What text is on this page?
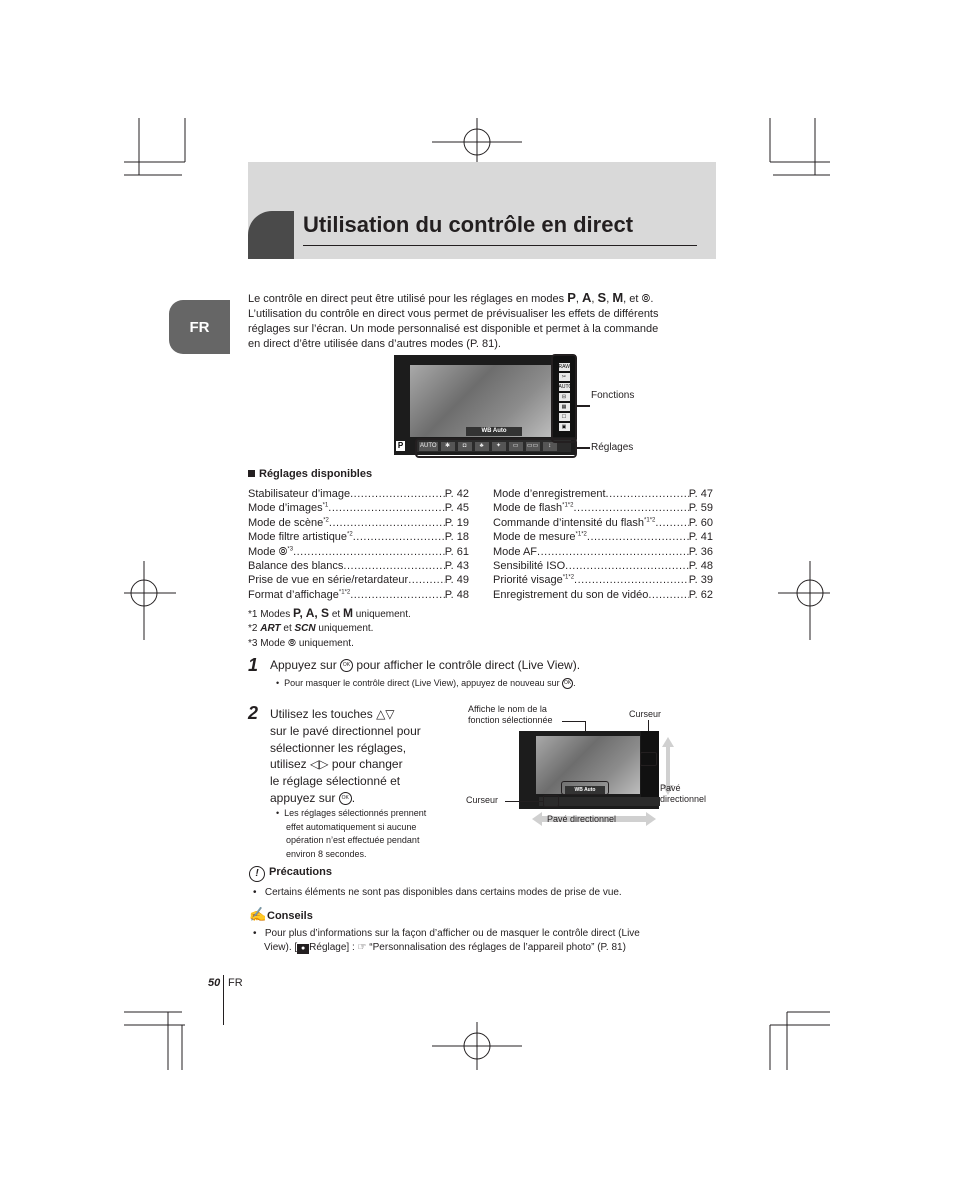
Utilisation du contrôle en direct
FR
Le contrôle en direct peut être utilisé pour les réglages en modes P, A, S, M, et ⦾.
L’utilisation du contrôle en direct vous permet de prévisualiser les effets de différents
réglages sur l’écran. Un mode personnalisé est disponible et permet à la commande
en direct d’être utilisée dans d’autres modes (P. 81).
WB Auto
RAW
✂
AUTO
⊟
▦
☐
▣
P	AUTO	✱	◘	♣	✦	▭	▭▭	↕
Fonctions
Réglages
Réglages disponibles
Stabilisateur d’image .....	P. 42
Mode d’images$^{*1}$ .....	P. 45
Mode de scène$^{*2}$ .....	P. 19
Mode filtre artistique$^{*2}$ .....	P. 18
Mode ⦾$^{*3}$ .....	P. 61
Balance des blancs .....	P. 43
Prise de vue en série/retardateur .....	P. 49
Format d’affichage$^{*1*2}$ .....	P. 48
Mode d’enregistrement .....	P. 47
Mode de flash$^{*1*2}$ .....	P. 59
Commande d’intensité du flash$^{*1*2}$ .....	P. 60
Mode de mesure$^{*1*2}$ .....	P. 41
Mode AF .....	P. 36
Sensibilité ISO .....	P. 48
Priorité visage$^{*1*2}$ .....	P. 39
Enregistrement du son de vidéo .....	P. 62
*1 Modes P, A, S et M uniquement.
*2 ART et SCN uniquement.
*3 Mode ⦾ uniquement.
1 Appuyez sur OK pour afficher le contrôle direct (Live View).
•  Pour masquer le contrôle direct (Live View), appuyez de nouveau sur OK .
2 Utilisez les touches △▽
sur le pavé directionnel pour
sélectionner les réglages,
utilisez ◁▷ pour changer
le réglage sélectionné et
appuyez sur OK .
•  Les réglages sélectionnés prennent
effet automatiquement si aucune
opération n’est effectuée pendant
environ 8 secondes.
Affiche le nom de la
fonction sélectionnée
Curseur
WB Auto
Curseur
Pavé
directionnel
Pavé directionnel
! Précautions
•   Certains éléments ne sont pas disponibles dans certains modes de prise de vue.
✍Conseils
•   Pour plus d’informations sur la façon d’afficher ou de masquer le contrôle direct (Live
View). [ ● Réglage] : ☞ “Personnalisation des réglages de l’appareil photo” (P. 81)
50 FR
